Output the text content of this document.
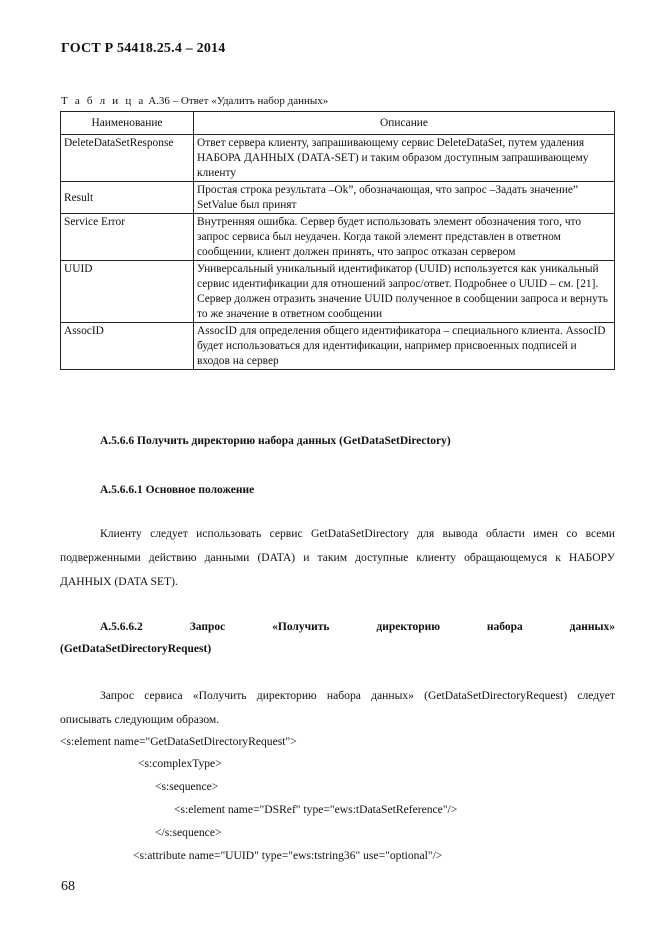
ГОСТ Р 54418.25.4 – 2014
Т а б л и ц а А.36 – Ответ «Удалить набор данных»
Наименование	Описание
DeleteDataSetResponse	Ответ сервера клиенту, запрашивающему сервис DeleteDataSet, путем удаления НАБОРА ДАННЫХ (DATA-SET) и таким образом доступным запрашивающему клиенту
Result	Простая строка результата –Ok”, обозначающая, что запрос –Задать значение” SetValue был принят
Service Error	Внутренняя ошибка. Сервер будет использовать элемент обозначения того, что запрос сервиса был неудачен. Когда такой элемент представлен в ответном сообщении, клиент должен принять, что запрос отказан сервером
UUID	Универсальный уникальный идентификатор (UUID) используется как уникальный сервис идентификации для отношений запрос/ответ. Подробнее о UUID – см. [21]. Сервер должен отразить значение UUID полученное в сообщении запроса и вернуть то же значение в ответном сообщении
AssocID	AssocID для определения общего идентификатора – специального клиента. AssocID будет использоваться для идентификации, например присвоенных подписей и входов на сервер
А.5.6.6 Получить директорию набора данных (GetDataSetDirectory)
А.5.6.6.1 Основное положение
Клиенту следует использовать сервис GetDataSetDirectory для вывода области имен со всеми подверженными действию данными (DATA) и таким доступные клиенту обращающемуся к НАБОРУ ДАННЫХ (DATA SET).
А.5.6.6.2	Запрос	«Получить	директорию	набора	данных»
(GetDataSetDirectoryRequest)
Запрос сервиса «Получить директорию набора данных» (GetDataSetDirectoryRequest) следует описывать следующим образом.
<s:element name="GetDataSetDirectoryRequest">
<s:complexType>
<s:sequence>
<s:element name="DSRef" type="ews:tDataSetReference"/>
</s:sequence>
<s:attribute name="UUID" type="ews:tstring36" use="optional"/>
68
